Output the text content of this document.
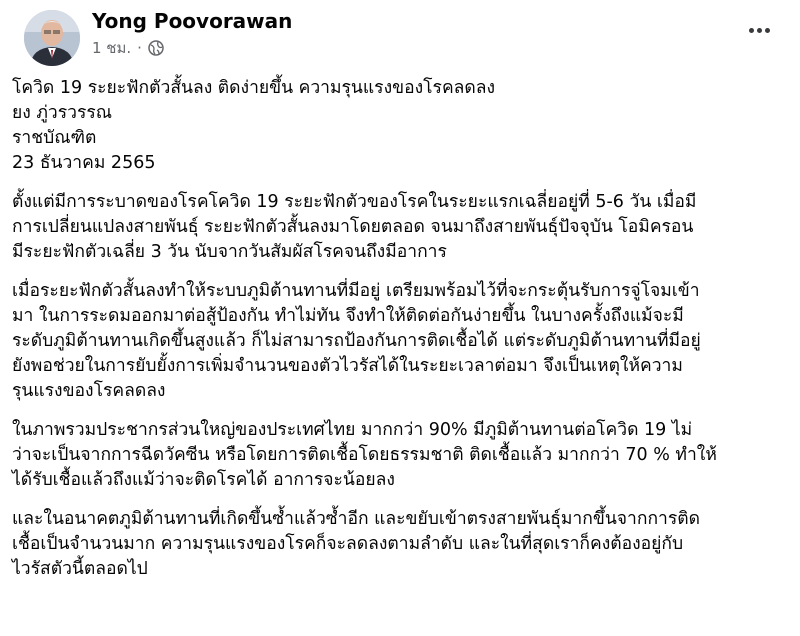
Yong Poovorawan
1 ชม. ·
โควิด 19 ระยะฟักตัวสั้นลง ติดง่ายขึ้น ความรุนแรงของโรคลดลง
ยง ภู่วรวรรณ
ราชบัณฑิต
23 ธันวาคม 2565
ตั้งแต่มีการระบาดของโรคโควิด 19 ระยะฟักตัวของโรคในระยะแรกเฉลี่ยอยู่ที่ 5-6 วัน เมื่อมี
การเปลี่ยนแปลงสายพันธุ์ ระยะฟักตัวสั้นลงมาโดยตลอด จนมาถึงสายพันธุ์ปัจจุบัน โอมิครอน
มีระยะฟักตัวเฉลี่ย 3 วัน นับจากวันสัมผัสโรคจนถึงมีอาการ
เมื่อระยะฟักตัวสั้นลงทำให้ระบบภูมิต้านทานที่มีอยู่ เตรียมพร้อมไว้ที่จะกระตุ้นรับการจู่โจมเข้า
มา ในการระดมออกมาต่อสู้ป้องกัน ทำไม่ทัน จึงทำให้ติดต่อกันง่ายขึ้น ในบางครั้งถึงแม้จะมี
ระดับภูมิต้านทานเกิดขึ้นสูงแล้ว ก็ไม่สามารถป้องกันการติดเชื้อได้ แต่ระดับภูมิต้านทานที่มีอยู่
ยังพอช่วยในการยับยั้งการเพิ่มจำนวนของตัวไวรัสได้ในระยะเวลาต่อมา จึงเป็นเหตุให้ความ
รุนแรงของโรคลดลง
ในภาพรวมประชากรส่วนใหญ่ของประเทศไทย มากกว่า 90% มีภูมิต้านทานต่อโควิด 19 ไม่
ว่าจะเป็นจากการฉีดวัคซีน หรือโดยการติดเชื้อโดยธรรมชาติ ติดเชื้อแล้ว มากกว่า 70 % ทำให้
ได้รับเชื้อแล้วถึงแม้ว่าจะติดโรคได้ อาการจะน้อยลง
และในอนาคตภูมิต้านทานที่เกิดขึ้นซ้ำแล้วซ้ำอีก และขยับเข้าตรงสายพันธุ์มากขึ้นจากการติด
เชื้อเป็นจำนวนมาก ความรุนแรงของโรคก็จะลดลงตามลำดับ และในที่สุดเราก็คงต้องอยู่กับ
ไวรัสตัวนี้ตลอดไป
